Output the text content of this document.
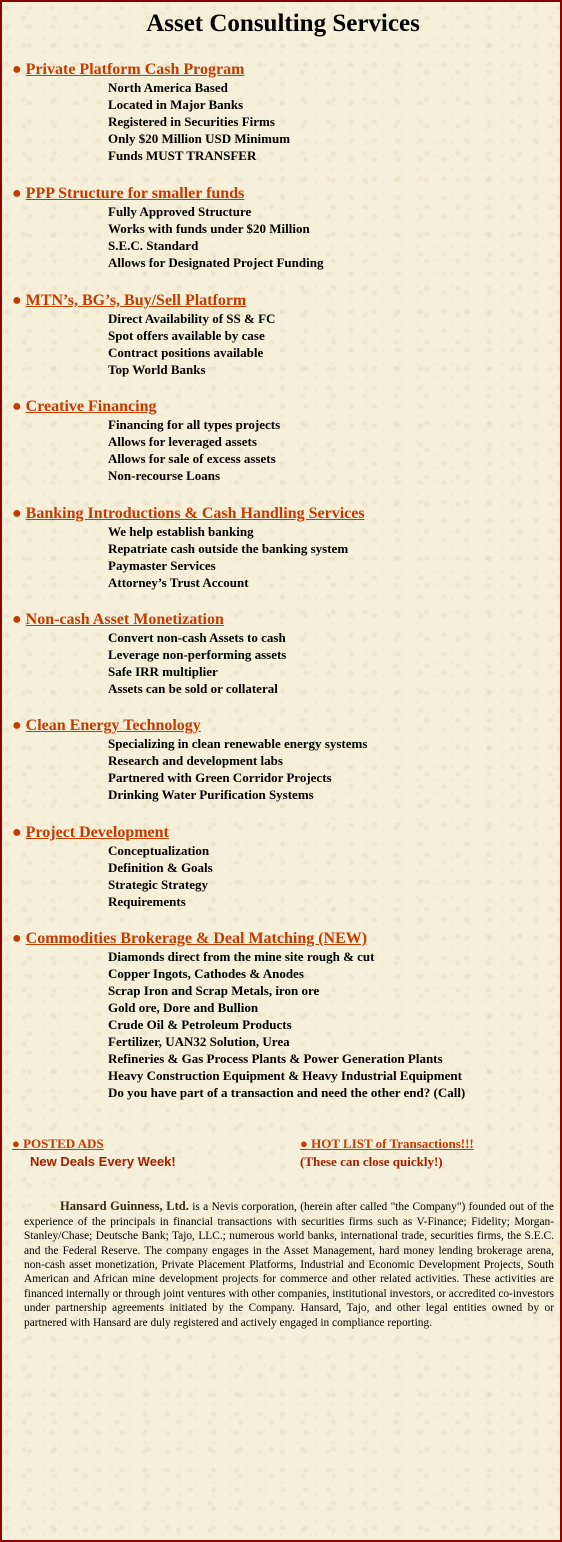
Asset Consulting Services
● Private Platform Cash Program
North America Based
Located in Major Banks
Registered in Securities Firms
Only $20 Million USD Minimum
Funds MUST TRANSFER
● PPP Structure for smaller funds
Fully Approved Structure
Works with funds under $20 Million
S.E.C. Standard
Allows for Designated Project Funding
● MTN’s, BG’s, Buy/Sell Platform
Direct Availability of SS & FC
Spot offers available by case
Contract positions available
Top World Banks
● Creative Financing
Financing for all types projects
Allows for leveraged assets
Allows for sale of excess assets
Non-recourse Loans
● Banking Introductions & Cash Handling Services
We help establish banking
Repatriate cash outside the banking system
Paymaster Services
Attorney’s Trust Account
● Non-cash Asset Monetization
Convert non-cash Assets to cash
Leverage non-performing assets
Safe IRR multiplier
Assets can be sold or collateral
● Clean Energy Technology
Specializing in clean renewable energy systems
Research and development labs
Partnered with Green Corridor Projects
Drinking Water Purification Systems
● Project Development
Conceptualization
Definition & Goals
Strategic Strategy
Requirements
● Commodities Brokerage & Deal Matching (NEW)
Diamonds direct from the mine site rough & cut
Copper Ingots, Cathodes & Anodes
Scrap Iron and Scrap Metals, iron ore
Gold ore, Dore and Bullion
Crude Oil & Petroleum Products
Fertilizer, UAN32 Solution, Urea
Refineries & Gas Process Plants & Power Generation Plants
Heavy Construction Equipment & Heavy Industrial Equipment
Do you have part of a transaction and need the other end? (Call)
● POSTED ADS
New Deals Every Week!
● HOT LIST of Transactions!!!
(These can close quickly!)

Hansard Guinness, Ltd. is a Nevis corporation, (herein after called "the Company") founded out of the experience of the principals in financial transactions with securities firms such as V-Finance; Fidelity; Morgan-Stanley/Chase; Deutsche Bank; Tajo, LLC.; numerous world banks, international trade, securities firms, the S.E.C. and the Federal Reserve. The company engages in the Asset Management, hard money lending brokerage arena, non-cash asset monetization, Private Placement Platforms, Industrial and Economic Development Projects, South American and African mine development projects for commerce and other related activities. These activities are financed internally or through joint ventures with other companies, institutional investors, or accredited co-investors under partnership agreements initiated by the Company. Hansard, Tajo, and other legal entities owned by or partnered with Hansard are duly registered and actively engaged in compliance reporting.
